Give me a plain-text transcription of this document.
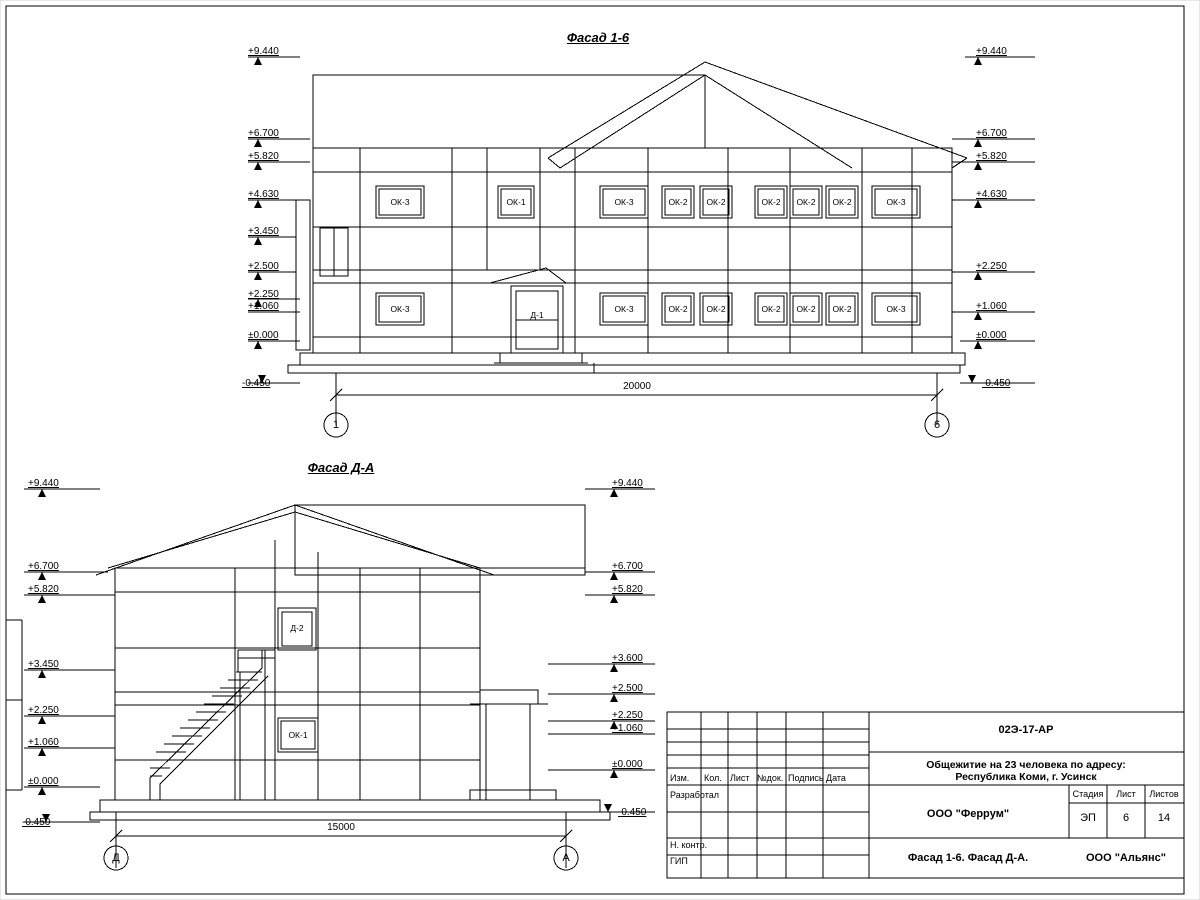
Фасад 1-6
+9.440
+6.700
+5.820
+4.630
+3.450
+2.500
+2.250
+1.060
±0.000
-0.450
+9.440
+6.700
+5.820
+4.630
+2.250
+1.060
±0.000
-0.450
ОК-3	ОК-1	ОК-3	ОК-2 ОК-2	ОК-2 ОК-2 ОК-2	ОК-3
ОК-3	ОК-3	ОК-2 ОК-2	ОК-2 ОК-2 ОК-2	ОК-3
Д-1
20000
1	6
Фасад Д-А
+9.440
+6.700
+5.820
+3.450
+2.250
+1.060
±0.000
-0.450
+9.440
+6.700
+5.820
+3.600
+2.500
+2.250
+1.060
±0.000
-0.450
Д-2
ОК-1
15000
Д	А
02Э-17-АР
Общежитие на 23 человека по адресу:
Республика Коми, г. Усинск
Изм. Кол. Лист №док. Подпись Дата
Разработал
Н. контр.
ГИП
ООО "Ферpум"
Фасад 1-6. Фасад Д-А.	ООО "Альянс"
Стадия Лист Листов
ЭП 6	14
